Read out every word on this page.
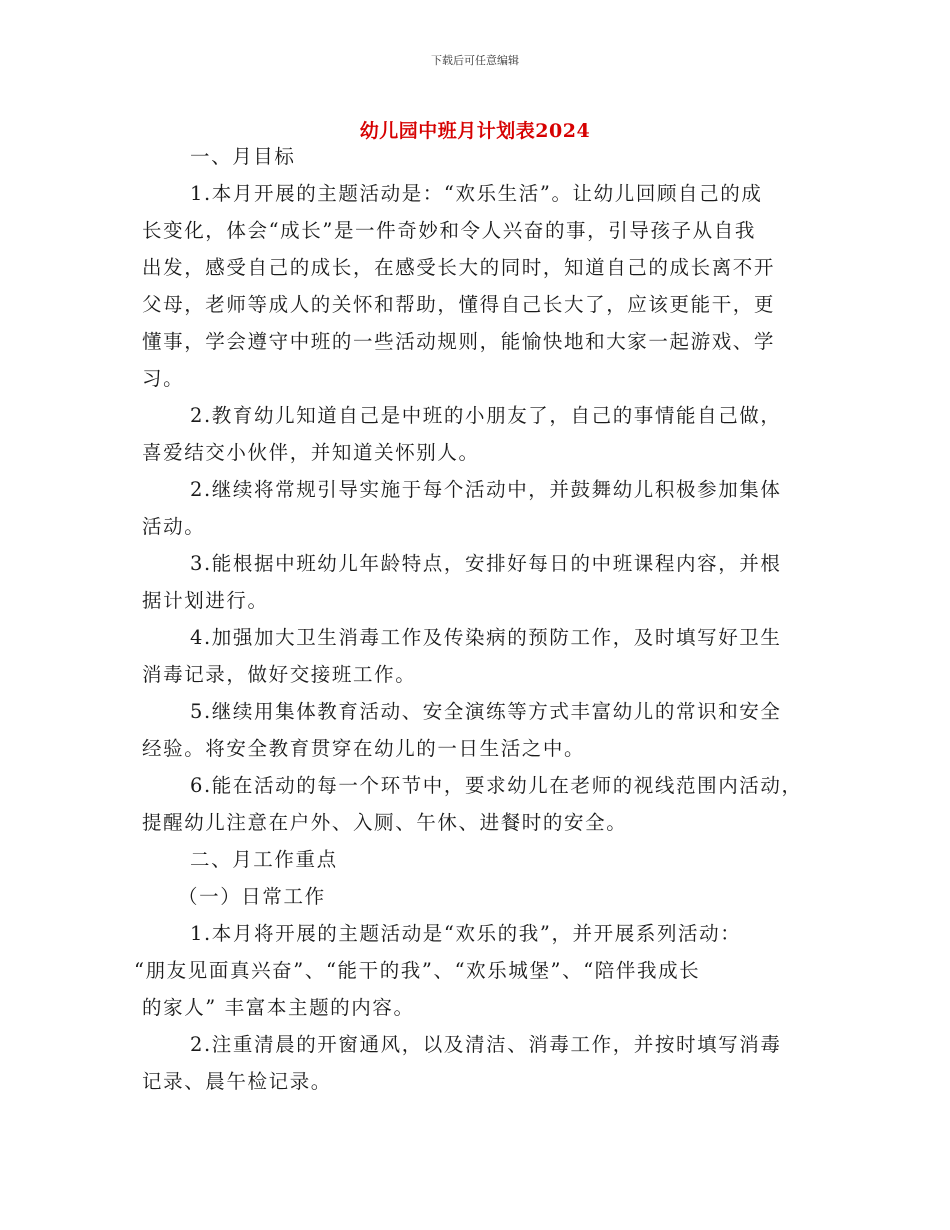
下载后可任意编辑
幼儿园中班月计划表2024
一、月目标
1.本月开展的主题活动是：“欢乐生活”。让幼儿回顾自己的成
长变化，体会“成长”是一件奇妙和令人兴奋的事，引导孩子从自我
出发，感受自己的成长，在感受长大的同时，知道自己的成长离不开
父母，老师等成人的关怀和帮助，懂得自己长大了，应该更能干，更
懂事，学会遵守中班的一些活动规则，能愉快地和大家一起游戏、学
习。
2.教育幼儿知道自己是中班的小朋友了，自己的事情能自己做，
喜爱结交小伙伴，并知道关怀别人。
2.继续将常规引导实施于每个活动中，并鼓舞幼儿积极参加集体
活动。
3.能根据中班幼儿年龄特点，安排好每日的中班课程内容，并根
据计划进行。
4.加强加大卫生消毒工作及传染病的预防工作，及时填写好卫生
消毒记录，做好交接班工作。
5.继续用集体教育活动、安全演练等方式丰富幼儿的常识和安全
经验。将安全教育贯穿在幼儿的一日生活之中。
6.能在活动的每一个环节中，要求幼儿在老师的视线范围内活动，
提醒幼儿注意在户外、入厕、午休、进餐时的安全。
二、月工作重点
（一）日常工作
1.本月将开展的主题活动是“欢乐的我”，并开展系列活动：
“朋友见面真兴奋”、“能干的我”、“欢乐城堡”、“陪伴我成长
的家人” 丰富本主题的内容。
2.注重清晨的开窗通风，以及清洁、消毒工作，并按时填写消毒
记录、晨午检记录。
